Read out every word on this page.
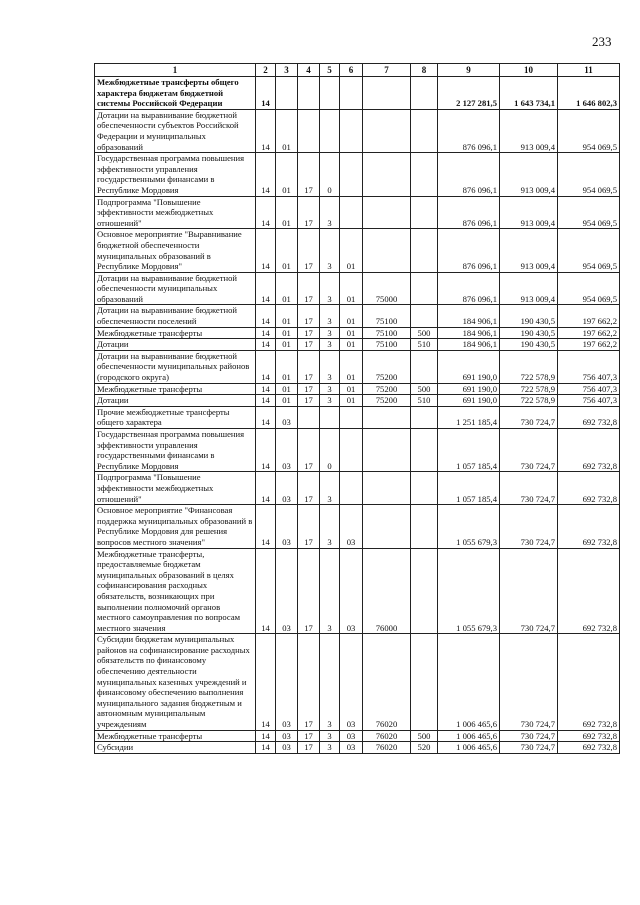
233
1	2	3	4	5	6	7	8	9	10	11
Межбюджетные трансферты общего характера бюджетам бюджетной системы Российской Федерации	14							2 127 281,5	1 643 734,1	1 646 802,3
Дотации на выравнивание бюджетной обеспеченности субъектов Российской Федерации и муниципальных образований	14	01						876 096,1	913 009,4	954 069,5
Государственная программа повышения эффективности управления государственными финансами в Республике Мордовия	14	01	17	0				876 096,1	913 009,4	954 069,5
Подпрограмма "Повышение эффективности межбюджетных отношений"	14	01	17	3				876 096,1	913 009,4	954 069,5
Основное мероприятие "Выравнивание бюджетной обеспеченности муниципальных образований в Республике Мордовия"	14	01	17	3	01			876 096,1	913 009,4	954 069,5
Дотации на выравнивание бюджетной обеспеченности муниципальных образований	14	01	17	3	01	75000		876 096,1	913 009,4	954 069,5
Дотации на выравнивание бюджетной обеспеченности поселений	14	01	17	3	01	75100		184 906,1	190 430,5	197 662,2
Межбюджетные трансферты	14	01	17	3	01	75100	500	184 906,1	190 430,5	197 662,2
Дотации	14	01	17	3	01	75100	510	184 906,1	190 430,5	197 662,2
Дотации на выравнивание бюджетной обеспеченности муниципальных районов (городского округа)	14	01	17	3	01	75200		691 190,0	722 578,9	756 407,3
Межбюджетные трансферты	14	01	17	3	01	75200	500	691 190,0	722 578,9	756 407,3
Дотации	14	01	17	3	01	75200	510	691 190,0	722 578,9	756 407,3
Прочие межбюджетные трансферты общего характера	14	03						1 251 185,4	730 724,7	692 732,8
Государственная программа повышения эффективности управления государственными финансами в Республике Мордовия	14	03	17	0				1 057 185,4	730 724,7	692 732,8
Подпрограмма "Повышение эффективности межбюджетных отношений"	14	03	17	3				1 057 185,4	730 724,7	692 732,8
Основное мероприятие "Финансовая поддержка муниципальных образований в Республике Мордовия для решения вопросов местного значения"	14	03	17	3	03			1 055 679,3	730 724,7	692 732,8
Межбюджетные трансферты, предоставляемые бюджетам муниципальных образований в целях софинансирования расходных обязательств, возникающих при выполнении полномочий органов местного самоуправления по вопросам местного значения	14	03	17	3	03	76000		1 055 679,3	730 724,7	692 732,8
Субсидии бюджетам муниципальных районов на софинансирование расходных обязательств по финансовому обеспечению деятельности муниципальных казенных учреждений и финансовому обеспечению выполнения муниципального задания бюджетным и автономным муниципальным учреждениям	14	03	17	3	03	76020		1 006 465,6	730 724,7	692 732,8
Межбюджетные трансферты	14	03	17	3	03	76020	500	1 006 465,6	730 724,7	692 732,8
Субсидии	14	03	17	3	03	76020	520	1 006 465,6	730 724,7	692 732,8
